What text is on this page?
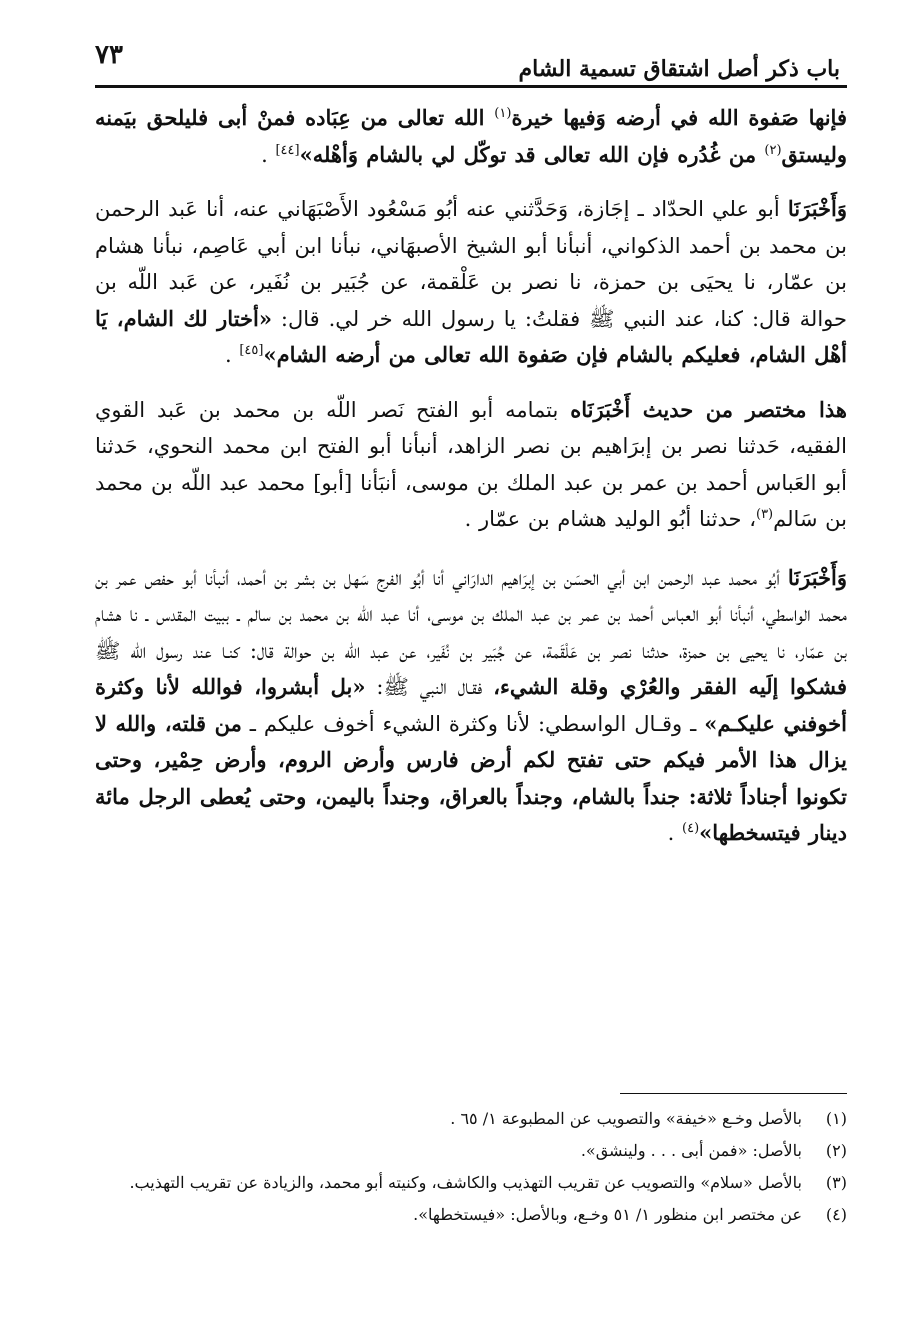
٧٣	باب ذكر أصل اشتقاق تسمية الشام

فإنها صَفوة الله في أرضه وَفيها خيرة$^{(١)}$ الله تعالى من عِبَاده فمنْ أبى فليلحق بيَمنه وليستق$^{(٢)}$ من غُدُره فإن الله تعالى قد توكّل لي بالشام وَأهْله»[٤٤] .

وَأَخْبَرَنَا أبو علي الحدّاد ـ إجَازة، وَحَدَّثني عنه أبُو مَسْعُود الأَصْبَهَاني عنه، أنا عَبد الرحمن بن محمد بن أحمد الذكواني، أنبأنا أبو الشيخ الأصبهَاني، نبأنا ابن أبي عَاصِم، نبأنا هشام بن عمّار، نا يحيَى بن حمزة، نا نصر بن عَلْقمة، عن جُبَير بن نُفَير، عن عَبد اللّه بن حوالة قال: كنا، عند النبي ﷺ فقلتُ: يا رسول الله خر لي. قال: «أختار لك الشام، يَا أهْل الشام، فعليكم بالشام فإن صَفوة الله تعالى من أرضه الشام»[٤٥] .

هذا مختصر من حديث أَخْبَرَنَاه بتمامه أبو الفتح نَصر اللّه بن محمد بن عَبد القوي الفقيه، حَدثنا نصر بن إبرَاهيم بن نصر الزاهد، أنبأنا أبو الفتح ابن محمد النحوي، حَدثنا أبو العَباس أحمد بن عمر بن عبد الملك بن موسى، أنبَأنا [أبو] محمد عبد اللّه بن محمد بن سَالم$^{(٣)}$، حدثنا أبُو الوليد هشام بن عمّار .

وَأَخْبَرَنَا أبُو محمد عبد الرحمن ابن أبي الحسَن بن إبرَاهيم الدارَاني أنا أبُو الفرج سَهل بن بشر بن أحمد، أنبأنا أبو حفص عمر بن محمد الواسطي، أنبأنا أبو العباس أحمد بن عمر بن عبد الملك بن موسى، أنا عبد اللّه بن محمد بن سالم ـ ببيت المقدس ـ نا هشام بن عمّار، نا يحيى بن حمزة، حدثنا نصر بن عَلْقَمة، عن جُبَير بن نُفَير، عن عبد اللّه بن حوالة قال: كنـا عند رسول الله ﷺ فشكوا إلَيه الفقر والعُرْي وقلة الشيء، فقـال النبي ﷺ: «بل أبشروا، فوالله لأنا وكثرة أخوفني عليكـم» ـ وقـال الواسطي: لأنا وكثرة الشيء أخوف عليكم ـ من قلته، والله لا يزال هذا الأمر فيكم حتى تفتح لكم أرض فارس وأرض الروم، وأرض حِمْير، وحتى تكونوا أجناداً ثلاثة: جنداً بالشام، وجنداً بالعراق، وجنداً باليمن، وحتى يُعطى الرجل مائة دينار فيتسخطها»$^{(٤)}$ .

(١)
بالأصل وخـع «خيفة» والتصويب عن المطبوعة ١/ ٦٥ .

(٢)
بالأصل: «فمن أبى . . . ولينشق».

(٣)
بالأصل «سلام» والتصويب عن تقريب التهذيب والكاشف، وكنيته أبو محمد، والزيادة عن تقريب التهذيب.

(٤)
عن مختصر ابن منظور ١/ ٥١ وخـع، وبالأصل: «فيستخطها».
